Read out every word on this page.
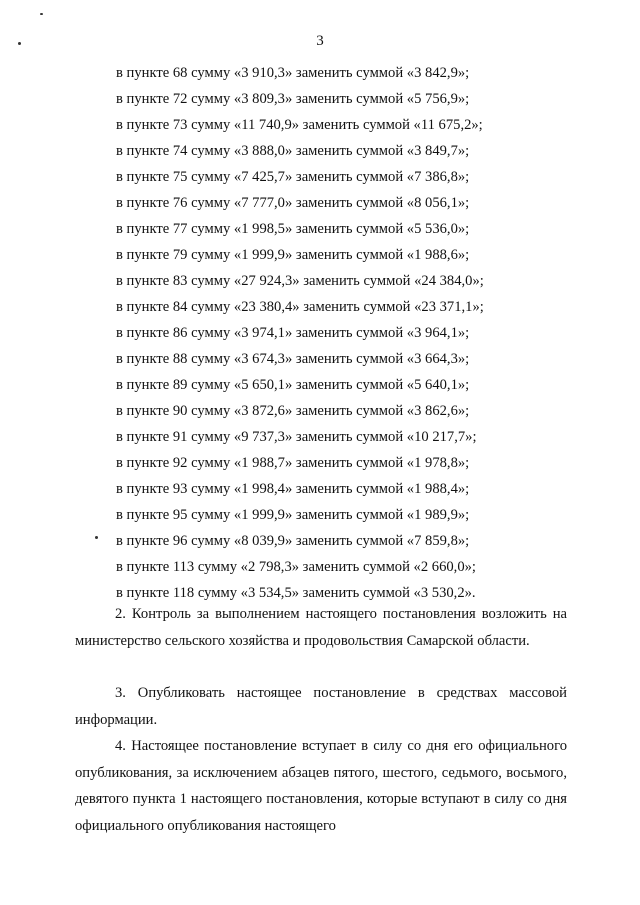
3
в пункте 68 сумму «3 910,3» заменить суммой «3 842,9»;
в пункте 72 сумму «3 809,3» заменить суммой «5 756,9»;
в пункте 73 сумму «11 740,9» заменить суммой «11 675,2»;
в пункте 74 сумму «3 888,0» заменить суммой «3 849,7»;
в пункте 75 сумму «7 425,7» заменить суммой «7 386,8»;
в пункте 76 сумму «7 777,0» заменить суммой «8 056,1»;
в пункте 77 сумму «1 998,5» заменить суммой «5 536,0»;
в пункте 79 сумму «1 999,9» заменить суммой «1 988,6»;
в пункте 83 сумму «27 924,3» заменить суммой «24 384,0»;
в пункте 84 сумму «23 380,4» заменить суммой «23 371,1»;
в пункте 86 сумму «3 974,1» заменить суммой «3 964,1»;
в пункте 88 сумму «3 674,3» заменить суммой «3 664,3»;
в пункте 89 сумму «5 650,1» заменить суммой «5 640,1»;
в пункте 90 сумму «3 872,6» заменить суммой «3 862,6»;
в пункте 91 сумму «9 737,3» заменить суммой «10 217,7»;
в пункте 92 сумму «1 988,7» заменить суммой «1 978,8»;
в пункте 93 сумму «1 998,4» заменить суммой «1 988,4»;
в пункте 95 сумму «1 999,9» заменить суммой «1 989,9»;
в пункте 96 сумму «8 039,9» заменить суммой «7 859,8»;
в пункте 113 сумму «2 798,3» заменить суммой «2 660,0»;
в пункте 118 сумму «3 534,5» заменить суммой «3 530,2».

2. Контроль за выполнением настоящего постановления возложить на министерство сельского хозяйства и продовольствия Самарской области.

3. Опубликовать настоящее постановление в средствах массовой информации.

4. Настоящее постановление вступает в силу со дня его официального опубликования, за исключением абзацев пятого, шестого, седьмого, восьмого, девятого пункта 1 настоящего постановления, которые вступают в силу со дня официального опубликования настоящего
